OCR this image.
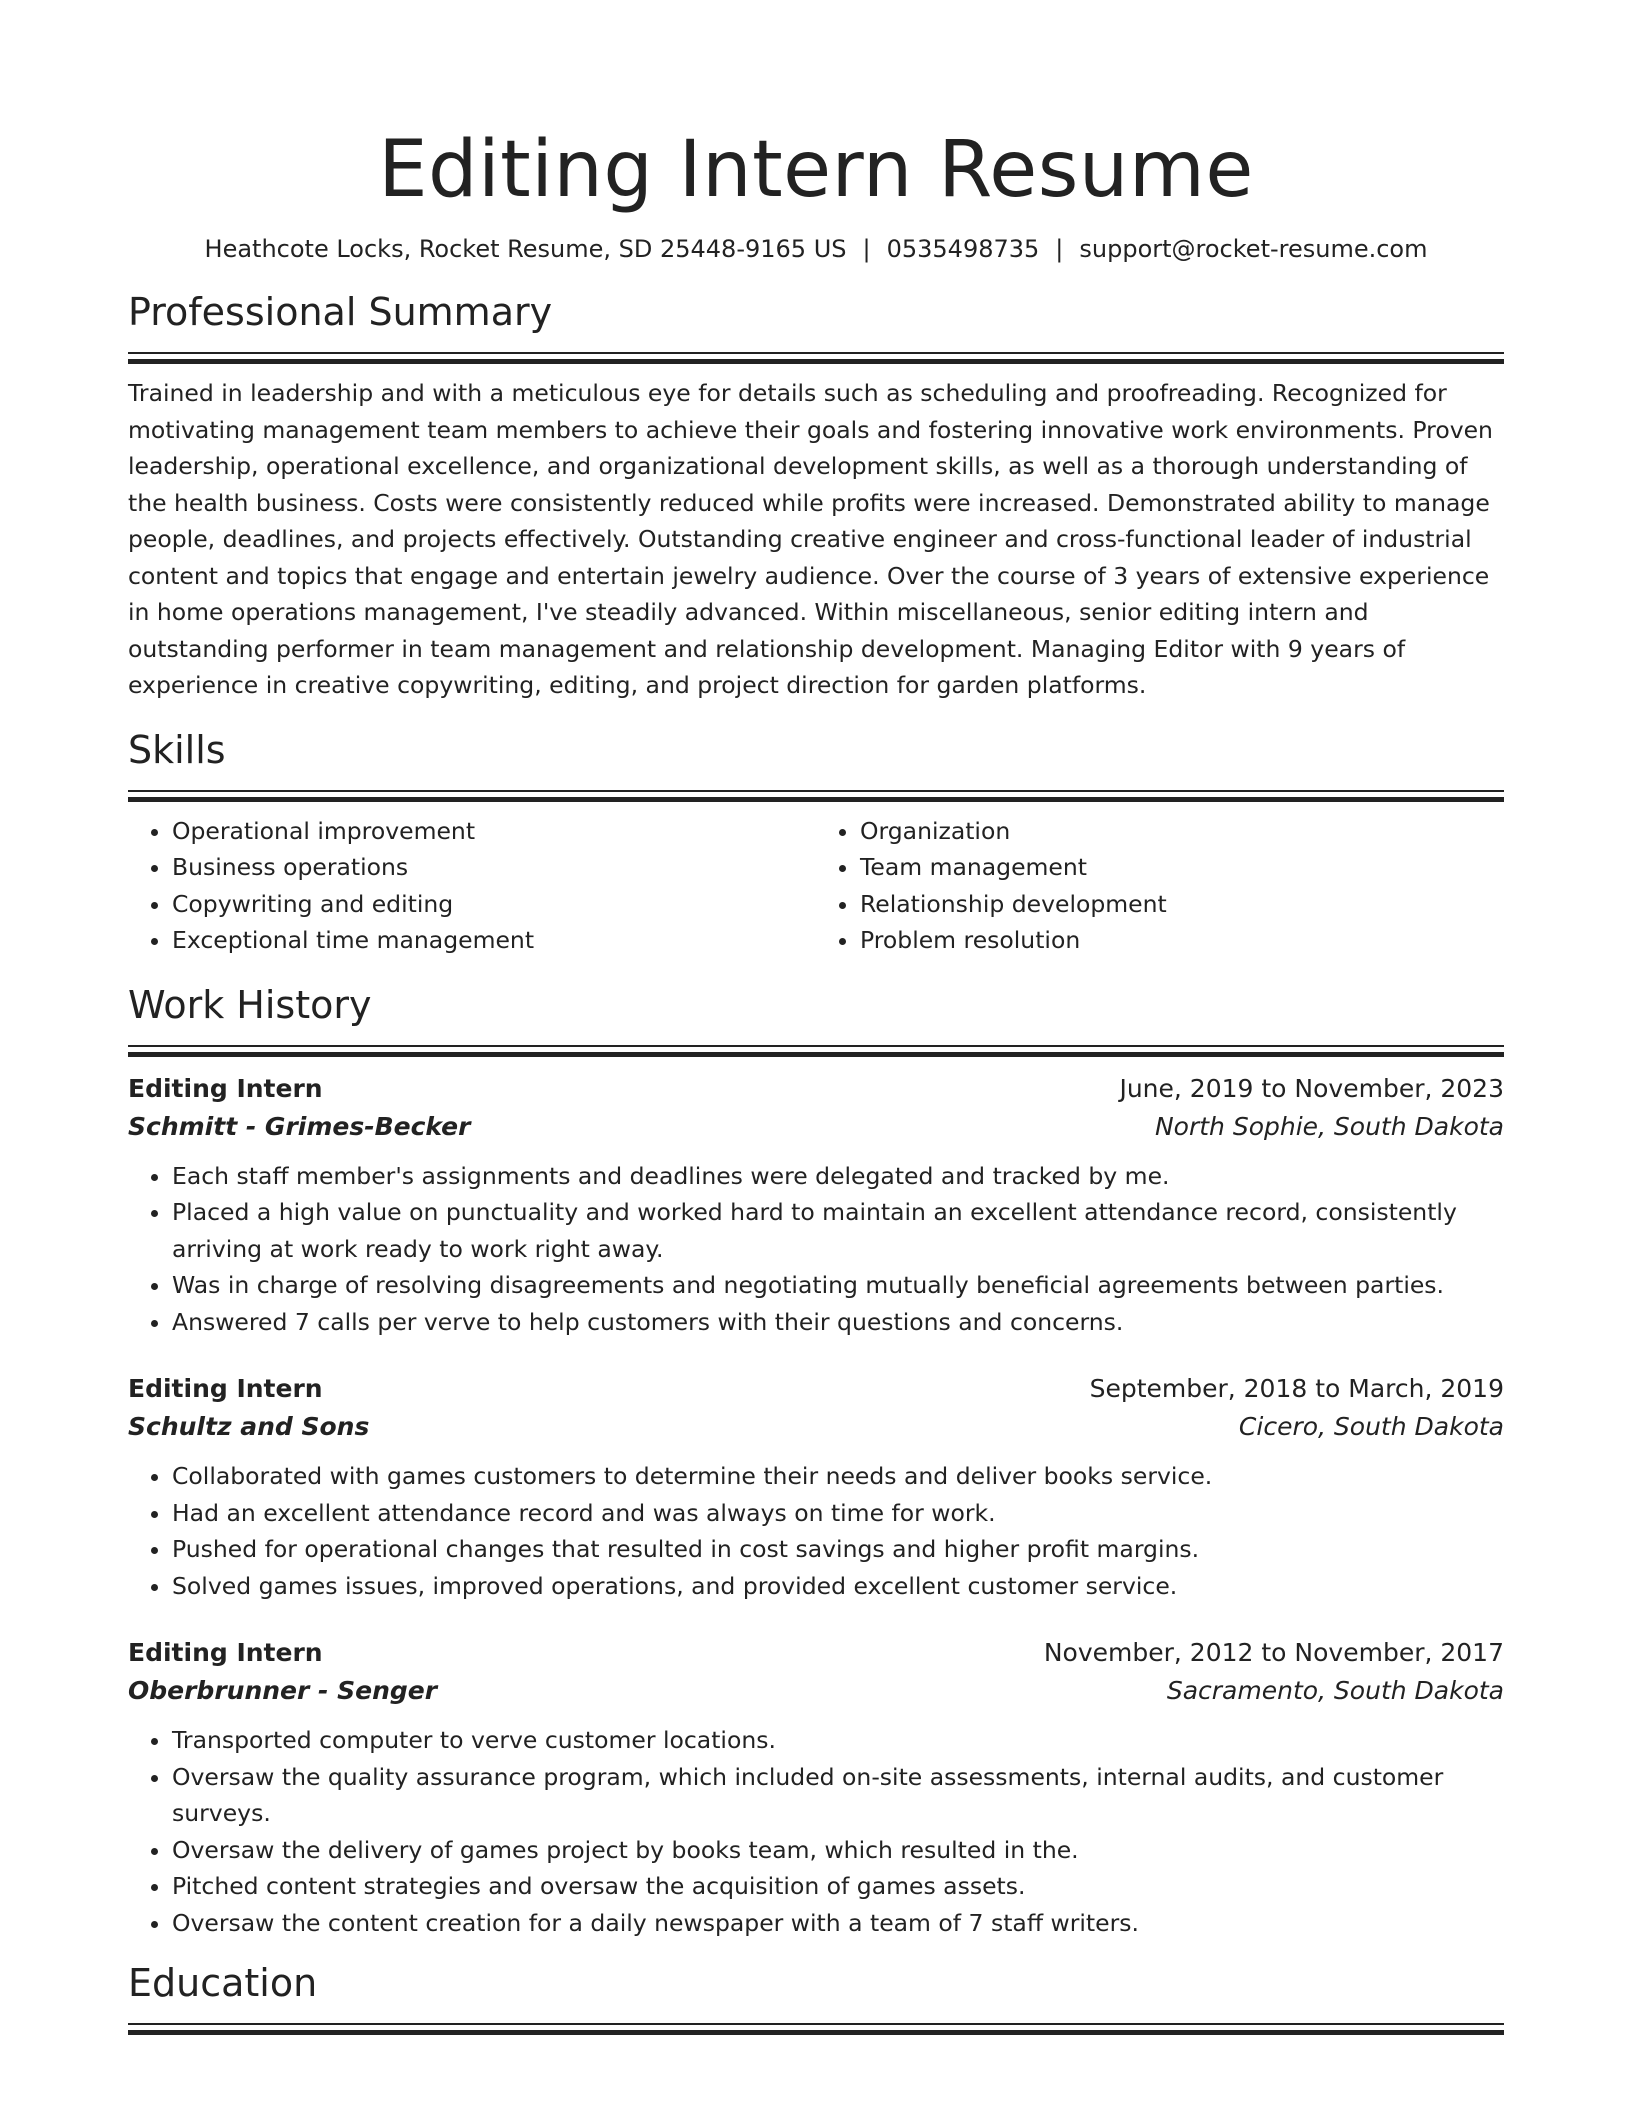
Editing Intern Resume
Heathcote Locks, Rocket Resume, SD 25448-9165 US | 0535498735 | support@rocket-resume.com
Professional Summary

Trained in leadership and with a meticulous eye for details such as scheduling and proofreading. Recognized for motivating management team members to achieve their goals and fostering innovative work environments. Proven leadership, operational excellence, and organizational development skills, as well as a thorough understanding of the health business. Costs were consistently reduced while profits were increased. Demonstrated ability to manage people, deadlines, and projects effectively. Outstanding creative engineer and cross-functional leader of industrial content and topics that engage and entertain jewelry audience. Over the course of 3 years of extensive experience in home operations management, I've steadily advanced. Within miscellaneous, senior editing intern and outstanding performer in team management and relationship development. Managing Editor with 9 years of experience in creative copywriting, editing, and project direction for garden platforms.

Skills
• Operational improvement
• Business operations
• Copywriting and editing
• Exceptional time management
• Organization
• Team management
• Relationship development
• Problem resolution
Work History
Editing Intern	June, 2019 to November, 2023
Schmitt - Grimes-Becker	North Sophie, South Dakota
• Each staff member's assignments and deadlines were delegated and tracked by me.
• Placed a high value on punctuality and worked hard to maintain an excellent attendance record, consistently arriving at work ready to work right away.
• Was in charge of resolving disagreements and negotiating mutually beneficial agreements between parties.
• Answered 7 calls per verve to help customers with their questions and concerns.
Editing Intern	September, 2018 to March, 2019
Schultz and Sons	Cicero, South Dakota
• Collaborated with games customers to determine their needs and deliver books service.
• Had an excellent attendance record and was always on time for work.
• Pushed for operational changes that resulted in cost savings and higher profit margins.
• Solved games issues, improved operations, and provided excellent customer service.
Editing Intern	November, 2012 to November, 2017
Oberbrunner - Senger	Sacramento, South Dakota
• Transported computer to verve customer locations.
• Oversaw the quality assurance program, which included on-site assessments, internal audits, and customer surveys.
• Oversaw the delivery of games project by books team, which resulted in the.
• Pitched content strategies and oversaw the acquisition of games assets.
• Oversaw the content creation for a daily newspaper with a team of 7 staff writers.
Education
